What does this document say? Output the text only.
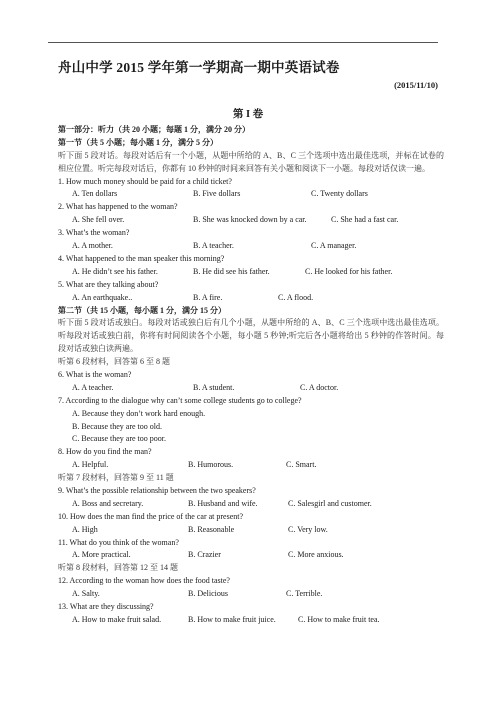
舟山中学 2015 学年第一学期高一期中英语试卷
(2015/11/10)
第 I 卷
第一部分：听力（共 20 小题；每题 1 分，满分 20 分）
第一节（共 5 小题；每小题 1 分，满分 5 分）
听下面 5 段对话。每段对话后有一个小题，从题中所给的 A、B、C 三个选项中选出最佳选项，并标在试卷的相应位置。听完每段对话后，你都有 10 秒钟的时间来回答有关小题和阅读下一小题。每段对话仅读一遍。
1. How much money should be paid for a child ticket?
A. Ten dollars	B. Five dollars	C. Twenty dollars
2. What has happened to the woman?
A. She fell over.	B. She was knocked down by a car.	C. She had a fast car.
3. What’s the woman?
A. A mother.	B. A teacher.	C. A manager.
4. What happened to the man speaker this morning?
A. He didn’t see his father.	B. He did see his father.	C. He looked for his father.
5. What are they talking about?
A. An earthquake..	B. A fire.	C. A flood.
第二节（共 15 小题，每小题 1 分，满分 15 分）
听下面 5 段对话或独白。每段对话或独白后有几个小题，从题中所给的 A、B、C 三个选项中选出最佳选项。听每段对话或独白前，你将有时间阅读各个小题，每小题 5 秒钟;听完后各小题将给出 5 秒钟的作答时间。每段对话或独白读两遍。
听第 6 段材料，回答第 6 至 8 题
6. What is the woman?
A. A teacher.	B. A student.	C. A doctor.
7. According to the dialogue why can’t some college students go to college?
A. Because they don’t work hard enough.
B. Because they are too old.
C. Because they are too poor.
8. How do you find the man?
A. Helpful.	B. Humorous.	C. Smart.
听第 7 段材料，回答第 9 至 11 题
9. What’s the possible relationship between the two speakers?
A. Boss and secretary.	B. Husband and wife.	C. Salesgirl and customer.
10. How does the man find the price of the car at present?
A. High	B. Reasonable	C. Very low.
11. What do you think of the woman?
A. More practical.	B. Crazier	C. More anxious.
听第 8 段材料，回答第 12 至 14 题
12. According to the woman how does the food taste?
A. Salty.	B. Delicious	C. Terrible.
13. What are they discussing?
A. How to make fruit salad.	B. How to make fruit juice.	C. How to make fruit tea.
